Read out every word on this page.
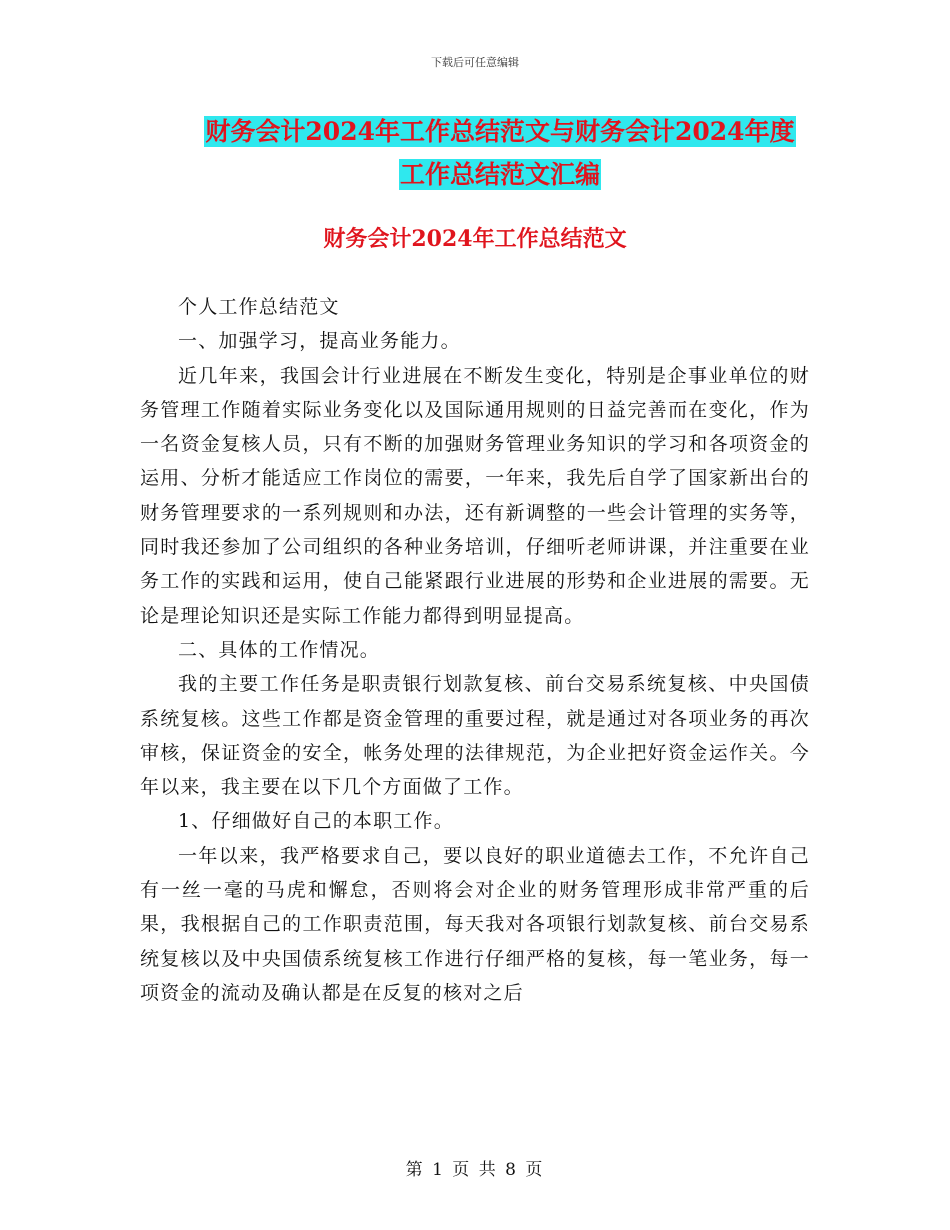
下载后可任意编辑
财务会计2024年工作总结范文与财务会计2024年度
工作总结范文汇编
财务会计2024年工作总结范文

个人工作总结范文

一、加强学习，提高业务能力。

近几年来，我国会计行业进展在不断发生变化，特别是企事业单位的财务管理工作随着实际业务变化以及国际通用规则的日益完善而在变化，作为一名资金复核人员，只有不断的加强财务管理业务知识的学习和各项资金的运用、分析才能适应工作岗位的需要，一年来，我先后自学了国家新出台的财务管理要求的一系列规则和办法，还有新调整的一些会计管理的实务等，同时我还参加了公司组织的各种业务培训，仔细听老师讲课，并注重要在业务工作的实践和运用，使自己能紧跟行业进展的形势和企业进展的需要。无论是理论知识还是实际工作能力都得到明显提高。

二、具体的工作情况。

我的主要工作任务是职责银行划款复核、前台交易系统复核、中央国债系统复核。这些工作都是资金管理的重要过程，就是通过对各项业务的再次审核，保证资金的安全，帐务处理的法律规范，为企业把好资金运作关。今年以来，我主要在以下几个方面做了工作。

1、仔细做好自己的本职工作。

一年以来，我严格要求自己，要以良好的职业道德去工作，不允许自己有一丝一毫的马虎和懈怠，否则将会对企业的财务管理形成非常严重的后果，我根据自己的工作职责范围，每天我对各项银行划款复核、前台交易系统复核以及中央国债系统复核工作进行仔细严格的复核，每一笔业务，每一项资金的流动及确认都是在反复的核对之后

第 1 页 共 8 页
